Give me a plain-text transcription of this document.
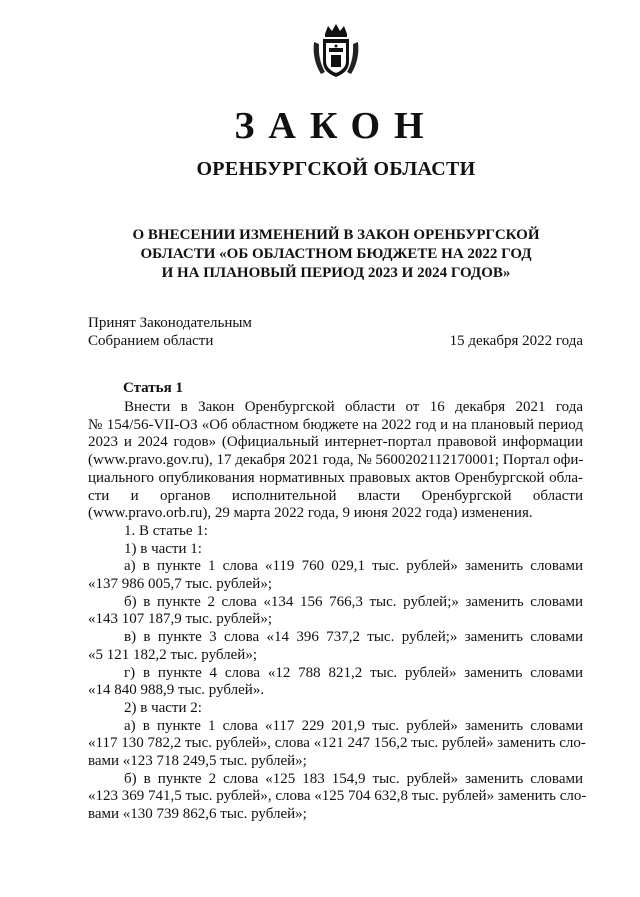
ЗАКОН
ОРЕНБУРГСКОЙ ОБЛАСТИ
О ВНЕСЕНИИ ИЗМЕНЕНИЙ В ЗАКОН ОРЕНБУРГСКОЙ
ОБЛАСТИ «ОБ ОБЛАСТНОМ БЮДЖЕТЕ НА 2022 ГОД
И НА ПЛАНОВЫЙ ПЕРИОД 2023 И 2024 ГОДОВ»
Принят Законодательным
Собранием области	15 декабря 2022 года
Статья 1
Внести в Закон Оренбургской области от 16 декабря 2021 года
№ 154/56-VII-ОЗ «Об областном бюджете на 2022 год и на плановый период
2023 и 2024 годов» (Официальный интернет-портал правовой информации
(www.pravo.gov.ru), 17 декабря 2021 года, № 5600202112170001; Портал офи-
циального опубликования нормативных правовых актов Оренбургской обла-
сти и органов исполнительной власти Оренбургской области
(www.pravo.orb.ru), 29 марта 2022 года, 9 июня 2022 года) изменения.
1. В статье 1:
1) в части 1:
а) в пункте 1 слова «119 760 029,1 тыс. рублей» заменить словами
«137 986 005,7 тыс. рублей»;
б) в пункте 2 слова «134 156 766,3 тыс. рублей;» заменить словами
«143 107 187,9 тыс. рублей»;
в) в пункте 3 слова «14 396 737,2 тыс. рублей;» заменить словами
«5 121 182,2 тыс. рублей»;
г) в пункте 4 слова «12 788 821,2 тыс. рублей» заменить словами
«14 840 988,9 тыс. рублей».
2) в части 2:
а) в пункте 1 слова «117 229 201,9 тыс. рублей» заменить словами
«117 130 782,2 тыс. рублей», слова «121 247 156,2 тыс. рублей» заменить сло-
вами «123 718 249,5 тыс. рублей»;
б) в пункте 2 слова «125 183 154,9 тыс. рублей» заменить словами
«123 369 741,5 тыс. рублей», слова «125 704 632,8 тыс. рублей» заменить сло-
вами «130 739 862,6 тыс. рублей»;
